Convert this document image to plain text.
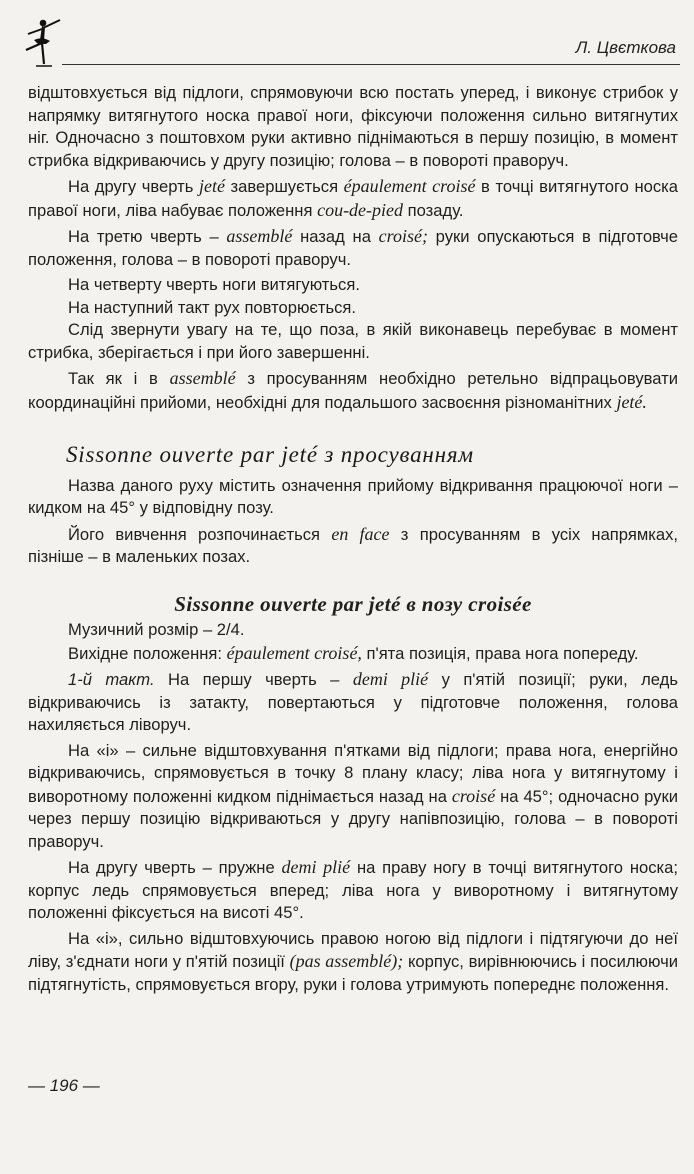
Л. Цвєткова

відштовхується від підлоги, спрямовуючи всю постать уперед, і виконує стрибок у напрямку витягнутого носка правої ноги, фіксуючи положення сильно витягнутих ніг. Одночасно з поштовхом руки активно піднімаються в першу позицію, в момент стрибка відкриваючись у другу позицію; голова – в повороті праворуч.

На другу чверть jeté завершується épaulement croisé в точці витягнутого носка правої ноги, ліва набуває положення cou-de-pied позаду.

На третю чверть – assemblé назад на croisé; руки опускаються в підготовче положення, голова – в повороті праворуч.

На четверту чверть ноги витягуються.

На наступний такт рух повторюється.

Слід звернути увагу на те, що поза, в якій виконавець перебуває в момент стрибка, зберігається і при його завершенні.

Так як і в assemblé з просуванням необхідно ретельно відпрацьовувати координаційні прийоми, необхідні для подальшого засвоєння різноманітних jeté.

Sissonne ouverte par jeté з просуванням

Назва даного руху містить означення прийому відкривання працюючої ноги – кидком на 45° у відповідну позу.

Його вивчення розпочинається en face з просуванням в усіх напрямках, пізніше – в маленьких позах.

Sissonne ouverte par jeté в позу croisée

Музичний розмір – 2/4.

Вихідне положення: épaulement croisé, п'ята позиція, права нога попереду.

1-й такт. На першу чверть – demi plié у п'ятій позиції; руки, ледь відкриваючись із затакту, повертаються у підготовче положення, голова нахиляється ліворуч.

На «і» – сильне відштовхування п'ятками від підлоги; права нога, енергійно відкриваючись, спрямовується в точку 8 плану класу; ліва нога у витягнутому і виворотному положенні кидком піднімається назад на croisé на 45°; одночасно руки через першу позицію відкриваються у другу напівпозицію, голова – в повороті праворуч.

На другу чверть – пружне demi plié на праву ногу в точці витягнутого носка; корпус ледь спрямовується вперед; ліва нога у виворотному і витягнутому положенні фіксується на висоті 45°.

На «і», сильно відштовхуючись правою ногою від підлоги і підтягуючи до неї ліву, з'єднати ноги у п'ятій позиції (pas assemblé); корпус, вирівнюючись і посилюючи підтягнутість, спрямовується вгору, руки і голова утримують попереднє положення.

— 196 —
